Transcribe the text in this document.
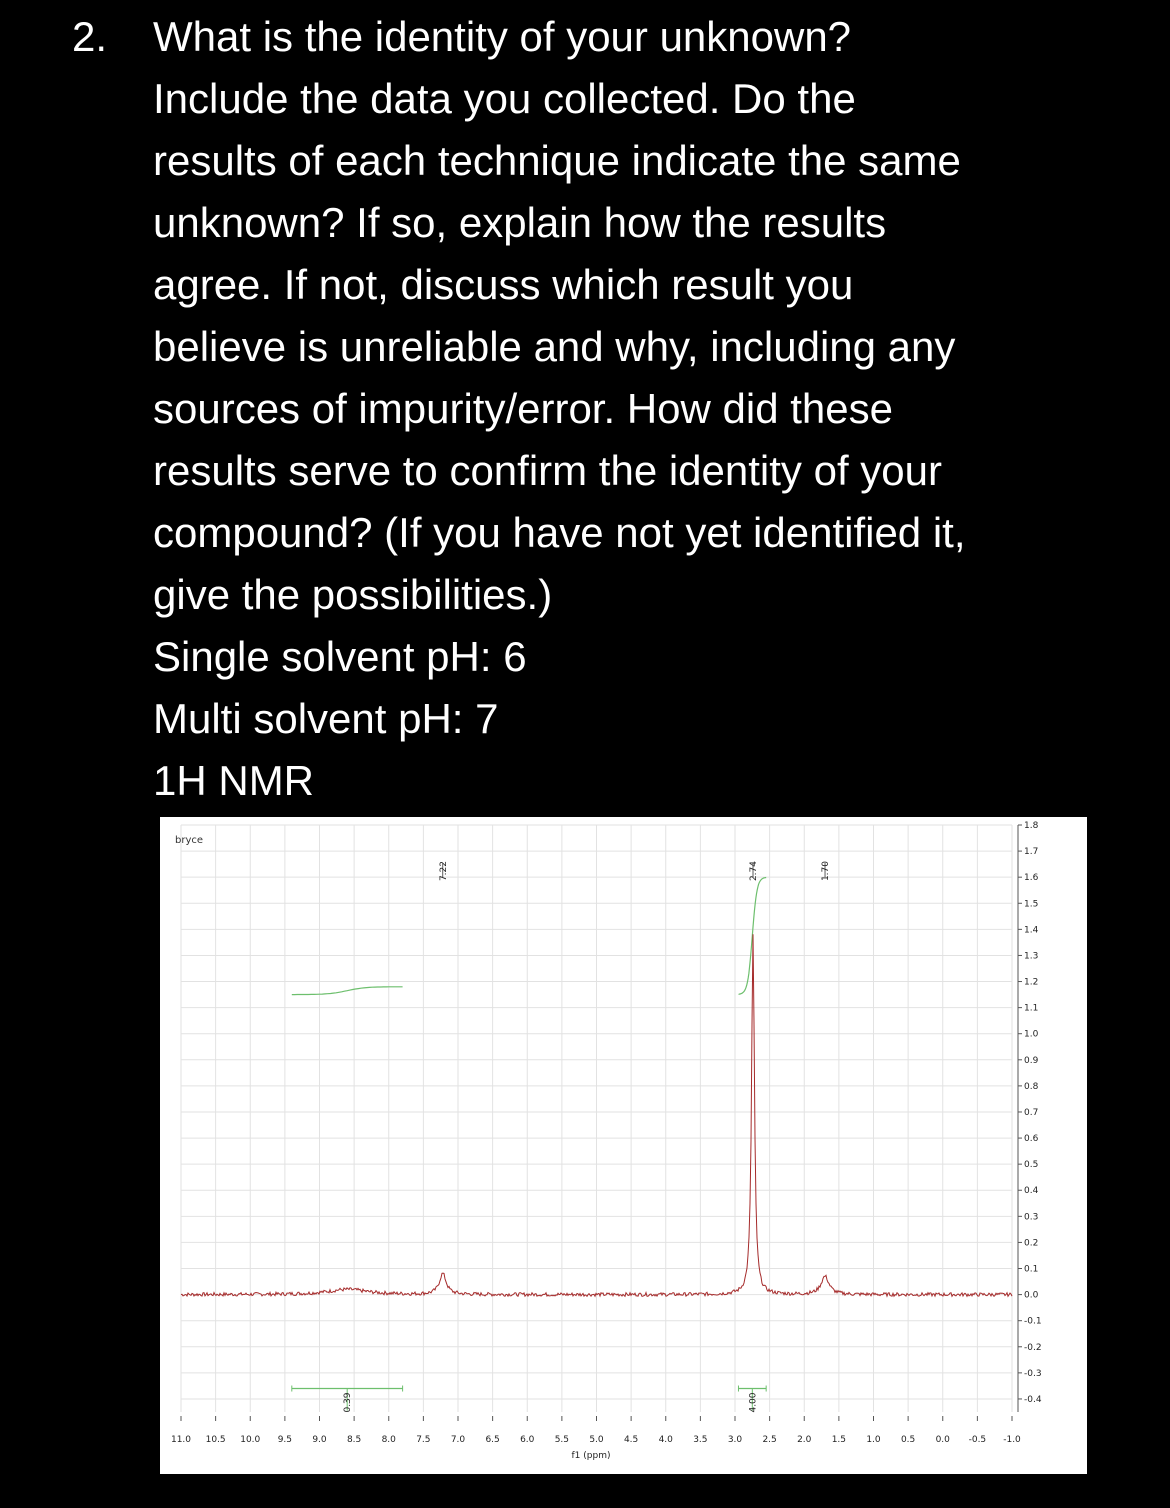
2. What is the identity of your unknown?
Include the data you collected. Do the
results of each technique indicate the same
unknown? If so, explain how the results
agree. If not, discuss which result you
believe is unreliable and why, including any
sources of impurity/error. How did these
results serve to confirm the identity of your
compound? (If you have not yet identified it,
give the possibilities.)
Single solvent pH: 6
Multi solvent pH: 7
1H NMR
0.39	4.00
7.22	2.74	1.70
11.0 10.5 10.0 9.5 9.0 8.5 8.0 7.5 7.0 6.5 6.0 5.5 5.0 4.5 4.0 3.5 3.0 2.5 2.0 1.5 1.0 0.5 0.0 -0.5 -1.0
1.8
1.7
1.6
1.5
1.4
1.3
1.2
1.1
1.0
0.9
0.8
0.7
0.6
0.5
0.4
0.3
0.2
0.1
0.0
-0.1
-0.2
-0.3
-0.4
bryce
f1 (ppm)
